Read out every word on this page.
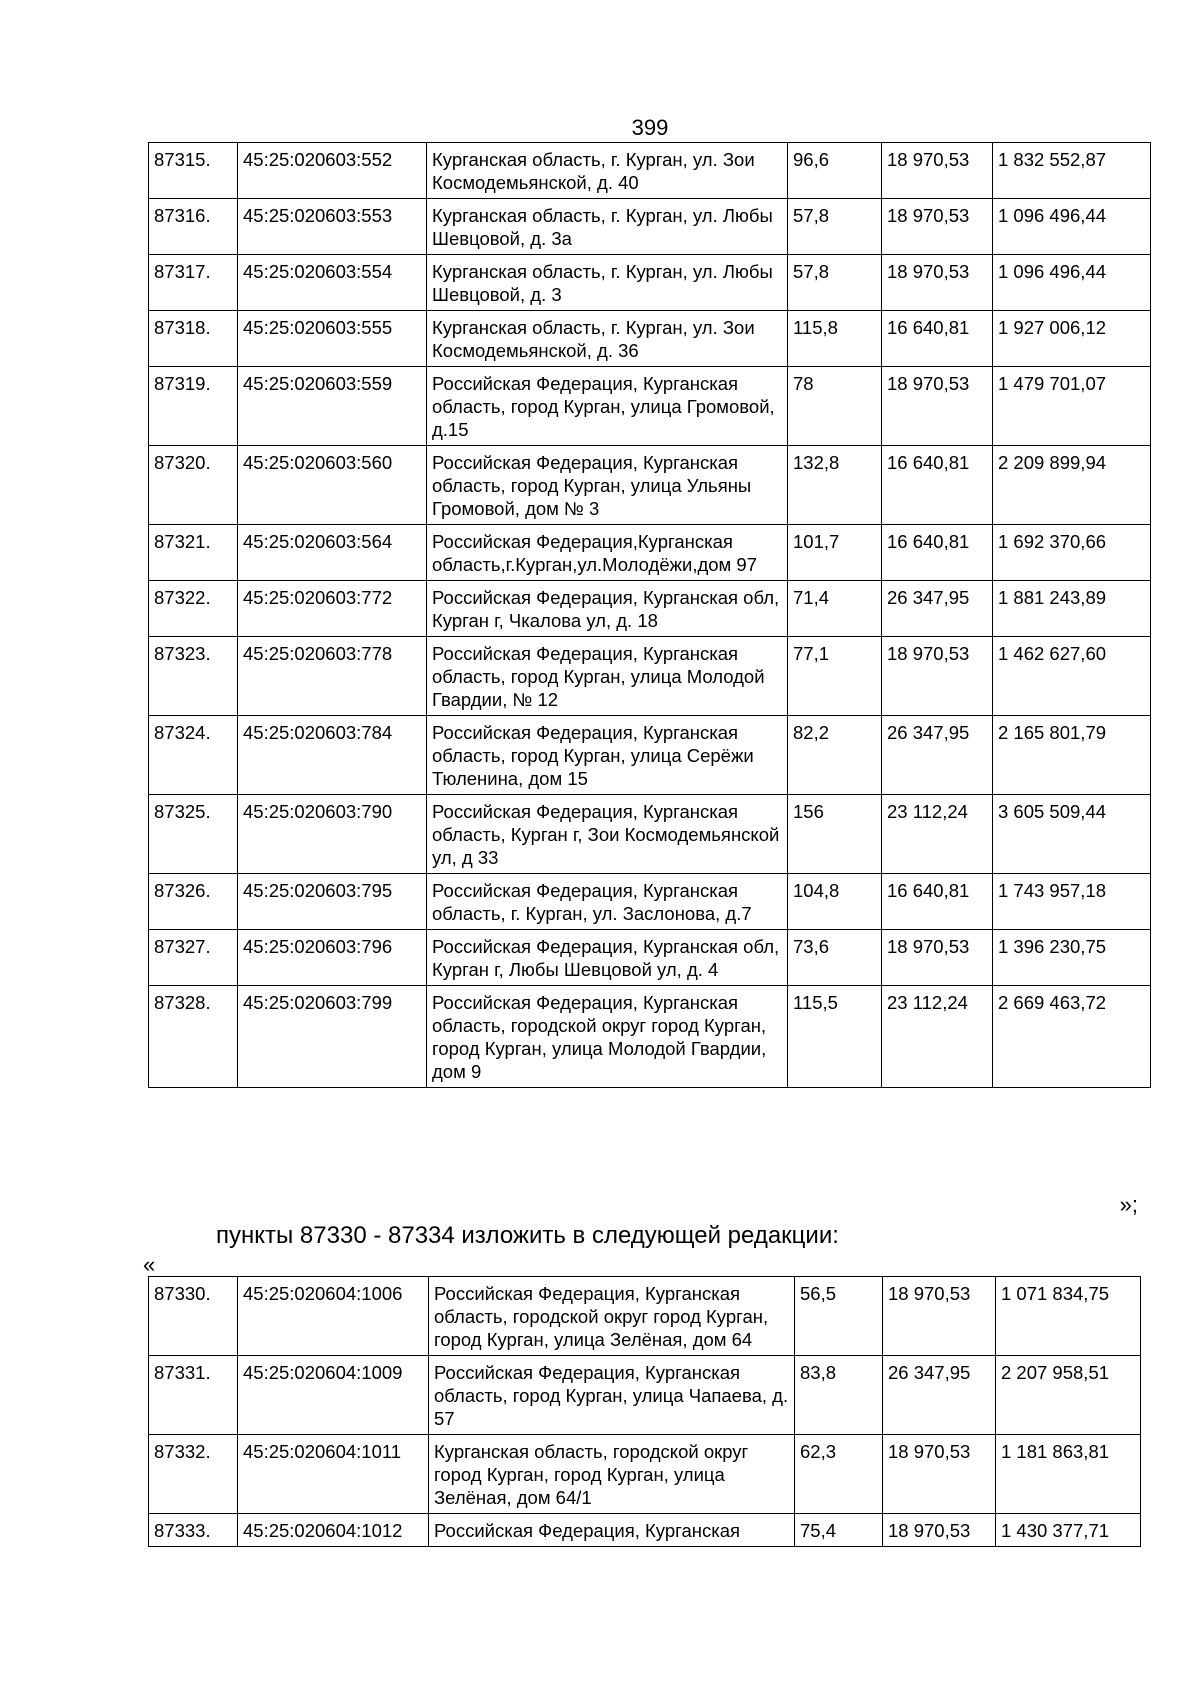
399
87315.	45:25:020603:552	Курганская область, г. Курган, ул. Зои Космодемьянской, д. 40	96,6	18 970,53	1 832 552,87
87316.	45:25:020603:553	Курганская область, г. Курган, ул. Любы Шевцовой, д. 3а	57,8	18 970,53	1 096 496,44
87317.	45:25:020603:554	Курганская область, г. Курган, ул. Любы Шевцовой, д. 3	57,8	18 970,53	1 096 496,44
87318.	45:25:020603:555	Курганская область, г. Курган, ул. Зои Космодемьянской, д. 36	115,8	16 640,81	1 927 006,12
87319.	45:25:020603:559	Российская Федерация, Курганская область, город Курган, улица Громовой, д.15	78	18 970,53	1 479 701,07
87320.	45:25:020603:560	Российская Федерация, Курганская область, город Курган, улица Ульяны Громовой, дом № 3	132,8	16 640,81	2 209 899,94
87321.	45:25:020603:564	Российская Федерация,Курганская область,г.Курган,ул.Молодёжи,дом 97	101,7	16 640,81	1 692 370,66
87322.	45:25:020603:772	Российская Федерация, Курганская обл, Курган г, Чкалова ул, д. 18	71,4	26 347,95	1 881 243,89
87323.	45:25:020603:778	Российская Федерация, Курганская область, город Курган, улица Молодой Гвардии, № 12	77,1	18 970,53	1 462 627,60
87324.	45:25:020603:784	Российская Федерация, Курганская область, город Курган, улица Серёжи Тюленина, дом 15	82,2	26 347,95	2 165 801,79
87325.	45:25:020603:790	Российская Федерация, Курганская область, Курган г, Зои Космодемьянской ул, д 33	156	23 112,24	3 605 509,44
87326.	45:25:020603:795	Российская Федерация, Курганская область, г. Курган, ул. Заслонова, д.7	104,8	16 640,81	1 743 957,18
87327.	45:25:020603:796	Российская Федерация, Курганская обл, Курган г, Любы Шевцовой ул, д. 4	73,6	18 970,53	1 396 230,75
87328.	45:25:020603:799	Российская Федерация, Курганская область, городской округ город Курган, город Курган, улица Молодой Гвардии, дом 9	115,5	23 112,24	2 669 463,72
»;
пункты 87330 - 87334 изложить в следующей редакции:
«
87330.	45:25:020604:1006	Российская Федерация, Курганская область, городской округ город Курган, город Курган, улица Зелёная, дом 64	56,5	18 970,53	1 071 834,75
87331.	45:25:020604:1009	Российская Федерация, Курганская область, город Курган, улица Чапаева, д. 57	83,8	26 347,95	2 207 958,51
87332.	45:25:020604:1011	Курганская область, городской округ город Курган, город Курган, улица Зелёная, дом 64/1	62,3	18 970,53	1 181 863,81
87333.	45:25:020604:1012	Российская Федерация, Курганская	75,4	18 970,53	1 430 377,71
